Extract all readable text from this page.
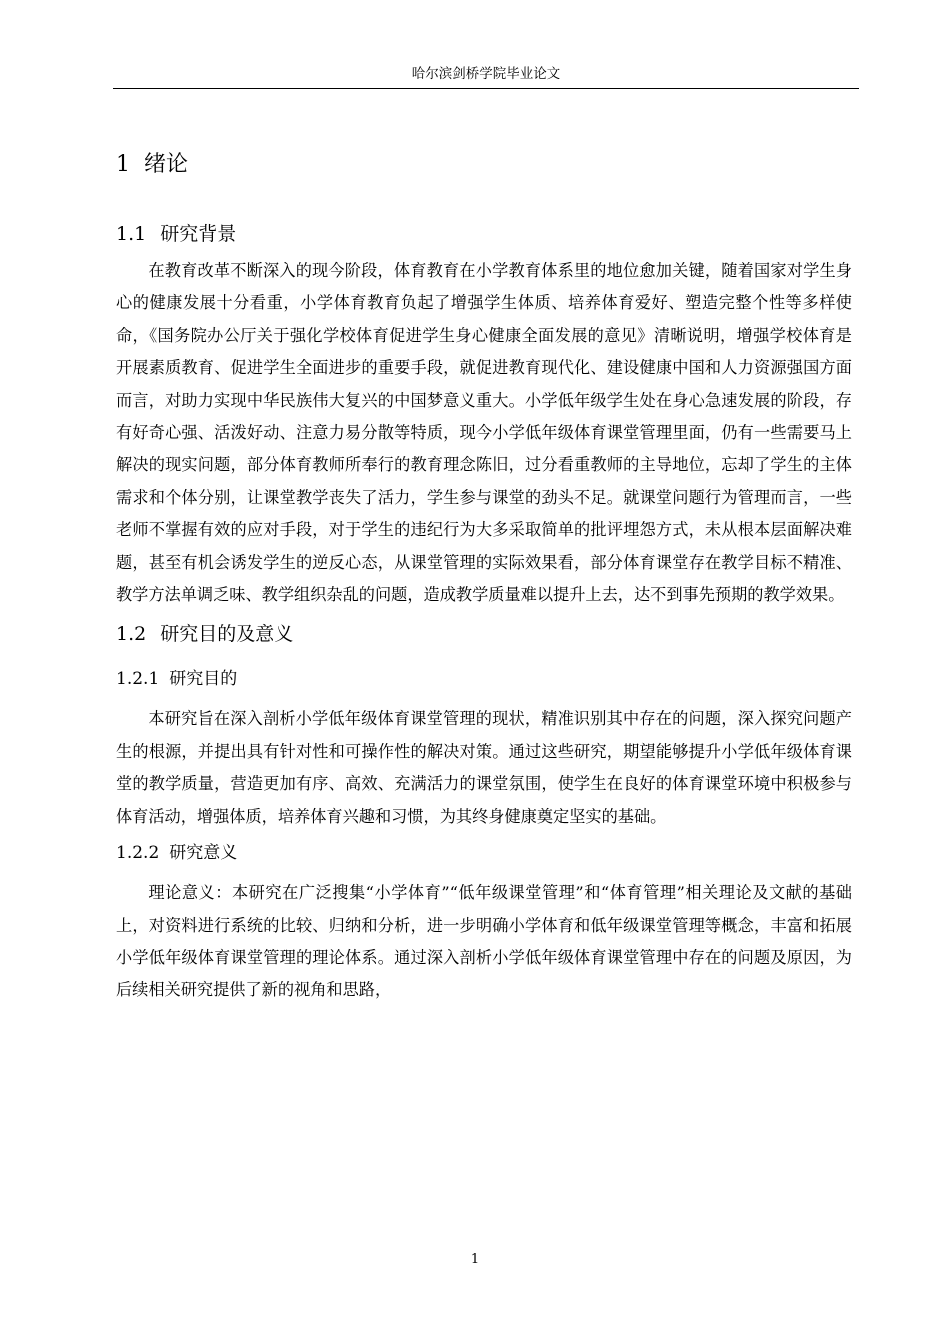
哈尔滨剑桥学院毕业论文
1 绪论
1.1 研究背景

在教育改革不断深入的现今阶段，体育教育在小学教育体系里的地位愈加关键，随着国家对学生身心的健康发展十分看重，小学体育教育负起了增强学生体质、培养体育爱好、塑造完整个性等多样使命，《国务院办公厅关于强化学校体育促进学生身心健康全面发展的意见》清晰说明，增强学校体育是开展素质教育、促进学生全面进步的重要手段，就促进教育现代化、建设健康中国和人力资源强国方面而言，对助力实现中华民族伟大复兴的中国梦意义重大。小学低年级学生处在身心急速发展的阶段，存有好奇心强、活泼好动、注意力易分散等特质，现今小学低年级体育课堂管理里面，仍有一些需要马上解决的现实问题，部分体育教师所奉行的教育理念陈旧，过分看重教师的主导地位，忘却了学生的主体需求和个体分别，让课堂教学丧失了活力，学生参与课堂的劲头不足。就课堂问题行为管理而言，一些老师不掌握有效的应对手段，对于学生的违纪行为大多采取简单的批评埋怨方式，未从根本层面解决难题，甚至有机会诱发学生的逆反心态，从课堂管理的实际效果看，部分体育课堂存在教学目标不精准、教学方法单调乏味、教学组织杂乱的问题，造成教学质量难以提升上去，达不到事先预期的教学效果。

1.2 研究目的及意义
1.2.1 研究目的

本研究旨在深入剖析小学低年级体育课堂管理的现状，精准识别其中存在的问题，深入探究问题产生的根源，并提出具有针对性和可操作性的解决对策。通过这些研究，期望能够提升小学低年级体育课堂的教学质量，营造更加有序、高效、充满活力的课堂氛围，使学生在良好的体育课堂环境中积极参与体育活动，增强体质，培养体育兴趣和习惯，为其终身健康奠定坚实的基础。

1.2.2 研究意义

理论意义：本研究在广泛搜集“小学体育”“低年级课堂管理”和“体育管理”相关理论及文献的基础上，对资料进行系统的比较、归纳和分析，进一步明确小学体育和低年级课堂管理等概念，丰富和拓展小学低年级体育课堂管理的理论体系。通过深入剖析小学低年级体育课堂管理中存在的问题及原因，为后续相关研究提供了新的视角和思路，

1
